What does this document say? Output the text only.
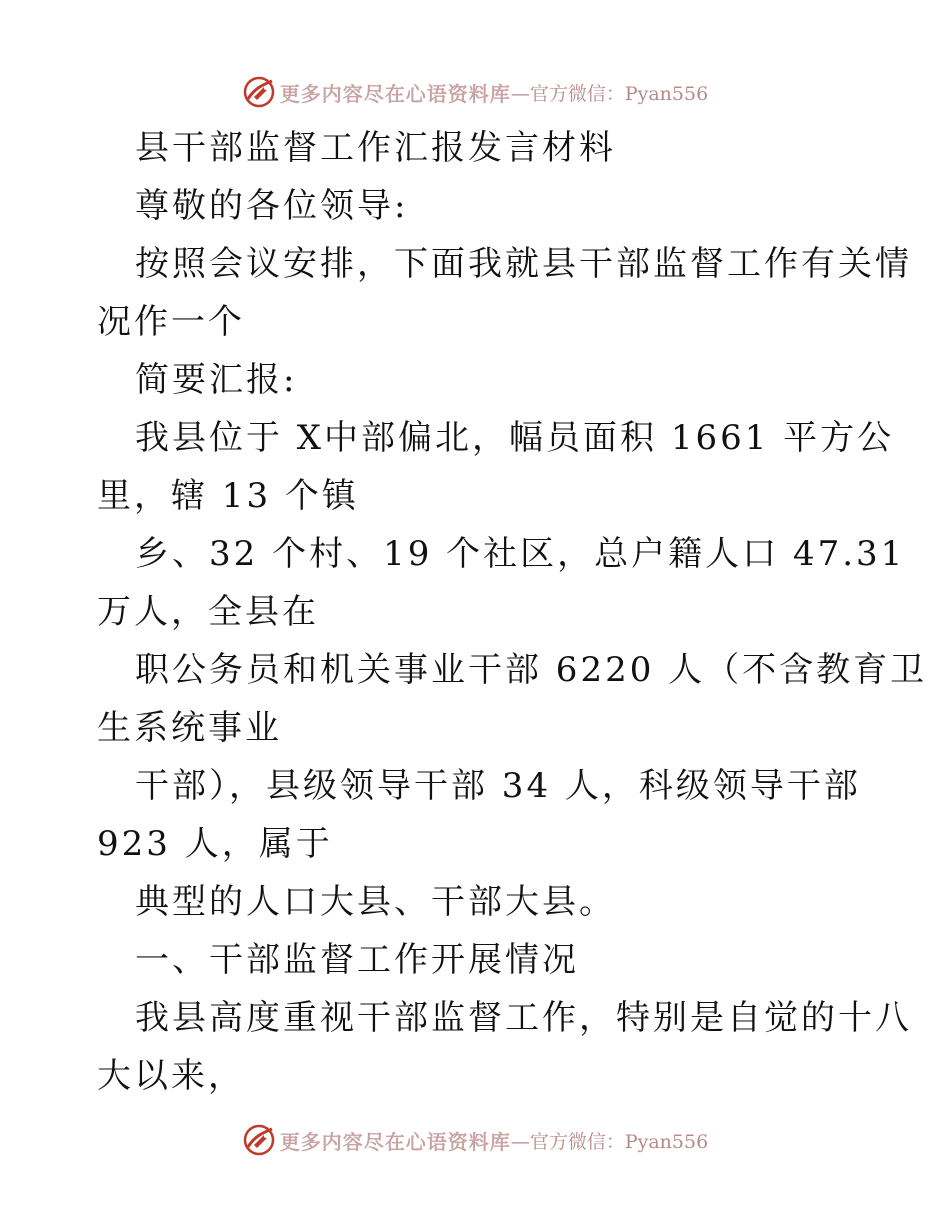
更多内容尽在心语资料库 —官方微信：Pyan556
县干部监督工作汇报发言材料
尊敬的各位领导:
按照会议安排，下面我就县干部监督工作有关情
况作一个
简要汇报:
我县位于 X中部偏北，幅员面积 1661 平方公
里，辖 13 个镇
乡、32 个村、19 个社区，总户籍人口 47.31
万人，全县在
职公务员和机关事业干部 6220 人（不含教育卫
生系统事业
干部），县级领导干部 34 人，科级领导干部
923 人，属于
典型的人口大县、干部大县。
一、干部监督工作开展情况
我县高度重视干部监督工作，特别是自觉的十八
大以来，
更多内容尽在心语资料库 —官方微信：Pyan556
